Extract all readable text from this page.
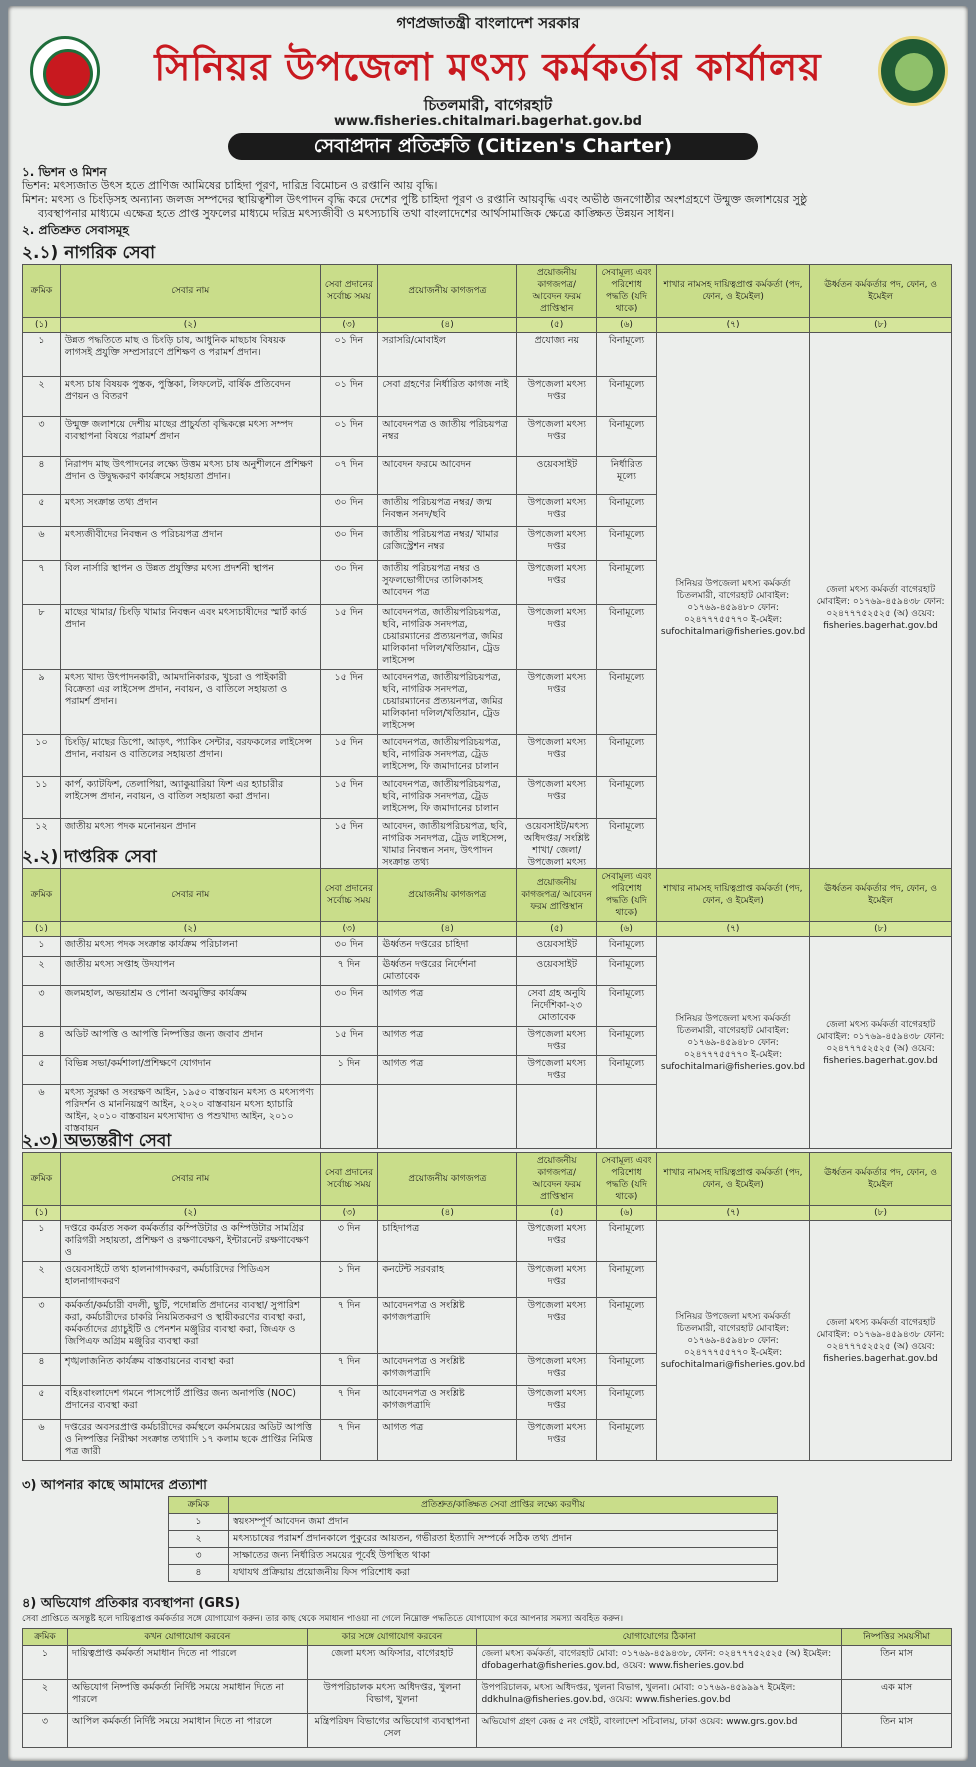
গণপ্রজাতন্ত্রী বাংলাদেশ সরকার
সিনিয়র উপজেলা মৎস্য কর্মকর্তার কার্যালয়
চিতলমারী, বাগেরহাট
www.fisheries.chitalmari.bagerhat.gov.bd
সেবাপ্রদান প্রতিশ্রুতি (Citizen's Charter)
১. ভিশন ও মিশন
ভিশন: মৎস্যজাত উৎস হতে প্রাণিজ আমিষের চাহিদা পূরণ, দারিদ্র বিমোচন ও রপ্তানি আয় বৃদ্ধি।
মিশন: মৎস্য ও চিংড়িসহ অন্যান্য জলজ সম্পদের স্থায়িত্বশীল উৎপাদন বৃদ্ধি করে দেশের পুষ্টি চাহিদা পূরণ ও রপ্তানি আয়বৃদ্ধি এবং অভীষ্ঠ জনগোষ্ঠীর অংশগ্রহণে উন্মুক্ত জলাশয়ের সুষ্ঠু
ব্যবস্থাপনার মাধ্যমে এক্ষেত্র হতে প্রাপ্ত সুফলের মাধ্যমে দরিদ্র মৎস্যজীবী ও মৎস্যচাষি তথা বাংলাদেশের আর্থসামাজিক ক্ষেত্রে কাঙ্ক্ষিত উন্নয়ন সাধন।
২. প্রতিশ্রুত সেবাসমূহ
২.১) নাগরিক সেবা
ক্রমিক	সেবার নাম	সেবা প্রদানের সর্বোচ্চ সময়	প্রয়োজনীয় কাগজপত্র	প্রয়োজনীয় কাগজপত্র/ আবেদন ফরম প্রাপ্তিস্থান	সেবামূল্য এবং পরিশোধ পদ্ধতি (যদি থাকে)	শাখার নামসহ দায়িত্বপ্রাপ্ত কর্মকর্তা (পদ, ফোন, ও ইমেইল)	ঊর্ধ্বতন কর্মকর্তার পদ, ফোন, ও ইমেইল
(১)	(২)	(৩)	(৪)	(৫)	(৬)	(৭)	(৮)
১	উন্নত পদ্ধতিতে মাছ ও চিংড়ি চাষ, আধুনিক মাছচাষ বিষয়ক লাগসই প্রযুক্তি সম্প্রসারণে প্রশিক্ষণ ও পরামর্শ প্রদান।	০১ দিন	সরাসরি/মোবাইল	প্রযোজ্য নয়	বিনামূল্যে	সিনিয়র উপজেলা মৎস্য কর্মকর্তা চিতলমারী, বাগেরহাট মোবাইল: ০১৭৬৯-৪৫৯৪৮০ ফোন: ০২৪৭৭৭৫৫৭৭০ ই-মেইল: sufochitalmari@fisheries.gov.bd	জেলা মৎস্য কর্মকর্তা বাগেরহাট মোবাইল: ০১৭৬৯-৪৫৯৪৩৮ ফোন: ০২৪৭৭৭৫২৫২৫ (অ) ওয়েব: fisheries.bagerhat.gov.bd
২	মৎস্য চাষ বিষয়ক পুস্তক, পুস্তিকা, লিফলেট, বার্ষিক প্রতিবেদন প্রণয়ন ও বিতরণ	০১ দিন	সেবা গ্রহণের নির্ধারিত কাগজ নাই	উপজেলা মৎস্য দপ্তর	বিনামূল্যে		
৩	উন্মুক্ত জলাশয়ে দেশীয় মাছের প্রাচুর্যতা বৃদ্ধিকল্পে মৎস্য সম্পদ ব্যবস্থাপনা বিষয়ে পরামর্শ প্রদান	০১ দিন	আবেদনপত্র ও জাতীয় পরিচয়পত্র নম্বর	উপজেলা মৎস্য দপ্তর	বিনামূল্যে		
৪	নিরাপদ মাছ উৎপাদনের লক্ষ্যে উত্তম মৎস্য চাষ অনুশীলনে প্রশিক্ষণ প্রদান ও উদ্বুদ্ধকরণ কার্যক্রমে সহায়তা প্রদান।	০৭ দিন	আবেদন ফরমে আবেদন	ওয়েবসাইট	নির্ধারিত মূল্যে		
৫	মৎস্য সংক্রান্ত তথ্য প্রদান	৩০ দিন	জাতীয় পরিচয়পত্র নম্বর/ জন্ম নিবন্ধন সনদ/ছবি	উপজেলা মৎস্য দপ্তর	বিনামূল্যে		
৬	মৎস্যজীবীদের নিবন্ধন ও পরিচয়পত্র প্রদান	৩০ দিন	জাতীয় পরিচয়পত্র নম্বর/ খামার রেজিস্ট্রেশন নম্বর	উপজেলা মৎস্য দপ্তর	বিনামূল্যে		
৭	বিল নার্সারি স্থাপন ও উন্নত প্রযুক্তির মৎস্য প্রদর্শনী স্থাপন	৩০ দিন	জাতীয় পরিচয়পত্র নম্বর ও সুফলভোগীদের তালিকাসহ আবেদন পত্র	উপজেলা মৎস্য দপ্তর	বিনামূল্যে		
৮	মাছের খামার/ চিংড়ি খামার নিবন্ধন এবং মৎস্যচাষীদের স্মার্ট কার্ড প্রদান	১৫ দিন	আবেদনপত্র, জাতীয়পরিচয়পত্র, ছবি, নাগরিক সনদপত্র, চেয়ারম্যানের প্রত্যয়নপত্র, জমির মালিকানা দলিল/খতিয়ান, ট্রেড লাইসেন্স	উপজেলা মৎস্য দপ্তর	বিনামূল্যে		
৯	মৎস্য খাদ্য উৎপাদনকারী, আমদানিকারক, খুচরা ও পাইকারী বিক্রেতা এর লাইসেন্স প্রদান, নবায়ন, ও বাতিলে সহায়তা ও পরামর্শ প্রদান।	১৫ দিন	আবেদনপত্র, জাতীয়পরিচয়পত্র, ছবি, নাগরিক সনদপত্র, চেয়ারম্যানের প্রত্যয়নপত্র, জমির মালিকানা দলিল/খতিয়ান, ট্রেড লাইসেন্স	উপজেলা মৎস্য দপ্তর	বিনামূল্যে		
১০	চিংড়ি/ মাছের ডিপো, আড়ৎ, প্যাকিং সেন্টার, বরফকলের লাইসেন্স প্রদান, নবায়ন ও বাতিলের সহায়তা প্রদান।	১৫ দিন	আবেদনপত্র, জাতীয়পরিচয়পত্র, ছবি, নাগরিক সনদপত্র, ট্রেড লাইসেন্স, ফি জমাদানের চালান	উপজেলা মৎস্য দপ্তর	বিনামূল্যে		
১১	কার্প, ক্যাটফিশ, তেলাপিয়া, অ্যাকুয়ারিয়া ফিশ এর হ্যাচারীর লাইসেন্স প্রদান, নবায়ন, ও বাতিল সহায়তা করা প্রদান।	১৫ দিন	আবেদনপত্র, জাতীয়পরিচয়পত্র, ছবি, নাগরিক সনদপত্র, ট্রেড লাইসেন্স, ফি জমাদানের চালান	উপজেলা মৎস্য দপ্তর	বিনামূল্যে		
১২	জাতীয় মৎস্য পদক মনোনয়ন প্রদান	১৫ দিন	আবেদন, জাতীয়পরিচয়পত্র, ছবি, নাগরিক সনদপত্র, ট্রেড লাইসেন্স, খামার নিবন্ধন সনদ, উৎপাদন সংক্রান্ত তথ্য	ওয়েবসাইট/মৎস্য অধিদপ্তর/ সংশ্লিষ্ট শাখা/ জেলা/ উপজেলা মৎস্য	বিনামূল্যে		
২.২) দাপ্তরিক সেবা
ক্রমিক	সেবার নাম	সেবা প্রদানের সর্বোচ্চ সময়	প্রয়োজনীয় কাগজপত্র	প্রয়োজনীয় কাগজপত্র/ আবেদন ফরম প্রাপ্তিস্থান	সেবামূল্য এবং পরিশোধ পদ্ধতি (যদি থাকে)	শাখার নামসহ দায়িত্বপ্রাপ্ত কর্মকর্তা (পদ, ফোন, ও ইমেইল)	ঊর্ধ্বতন কর্মকর্তার পদ, ফোন, ও ইমেইল
(১)	(২)	(৩)	(৪)	(৫)	(৬)	(৭)	(৮)
১	জাতীয় মৎস্য পদক সংক্রান্ত কার্যক্রম পরিচালনা	৩০ দিন	ঊর্ধ্বতন দপ্তরের চাহিদা	ওয়েবসাইট	বিনামূল্যে	সিনিয়র উপজেলা মৎস্য কর্মকর্তা চিতলমারী, বাগেরহাট মোবাইল: ০১৭৬৯-৪৫৯৪৮০ ফোন: ০২৪৭৭৭৫৫৭৭০ ই-মেইল: sufochitalmari@fisheries.gov.bd	জেলা মৎস্য কর্মকর্তা বাগেরহাট মোবাইল: ০১৭৬৯-৪৫৯৪৩৮ ফোন: ০২৪৭৭৭৫২৫২৫ (অ) ওয়েব: fisheries.bagerhat.gov.bd
২	জাতীয় মৎস্য সপ্তাহ উদযাপন	৭ দিন	ঊর্ধ্বতন দপ্তরের নির্দেশনা মোতাবেক	ওয়েবসাইট	বিনামূল্যে		
৩	জলমহাল, অভয়াশ্রম ও পোনা অবমুক্তির কার্যক্রম	৩০ দিন	আগত পত্র	সেবা গ্রহ অনুযি নির্দেশিকা-২৩ মোতাবেক	বিনামূল্যে		
৪	অডিট আপত্তি ও আপত্তি নিষ্পত্তির জন্য জবাব প্রদান	১৫ দিন	আগত পত্র	উপজেলা মৎস্য দপ্তর	বিনামূল্যে		
৫	বিভিন্ন সভা/কর্মশালা/প্রশিক্ষণে যোগদান	১ দিন	আগত পত্র	উপজেলা মৎস্য দপ্তর	বিনামূল্যে		
৬	মৎস্য সুরক্ষা ও সংরক্ষণ আইন, ১৯৫০ বাস্তবায়ন মৎস্য ও মৎস্যপণ্য পরিদর্শন ও মাননিয়ন্ত্রণ আইন, ২০২০ বাস্তবায়ন মৎস্য হ্যাচারি আইন, ২০১০ বাস্তবায়ন মৎস্যখাদ্য ও পশুখাদ্য আইন, ২০১০ বাস্তবায়ন						
২.৩) অভ্যন্তরীণ সেবা
ক্রমিক	সেবার নাম	সেবা প্রদানের সর্বোচ্চ সময়	প্রয়োজনীয় কাগজপত্র	প্রয়োজনীয় কাগজপত্র/ আবেদন ফরম প্রাপ্তিস্থান	সেবামূল্য এবং পরিশোধ পদ্ধতি (যদি থাকে)	শাখার নামসহ দায়িত্বপ্রাপ্ত কর্মকর্তা (পদ, ফোন, ও ইমেইল)	ঊর্ধ্বতন কর্মকর্তার পদ, ফোন, ও ইমেইল
(১)	(২)	(৩)	(৪)	(৫)	(৬)	(৭)	(৮)
১	দপ্তরে কর্মরত সকল কর্মকর্তার কম্পিউটার ও কম্পিউটার সামগ্রির কারিগরী সহায়তা, প্রশিক্ষণ ও রক্ষণাবেক্ষণ, ইন্টারনেট রক্ষণাবেক্ষণ ও	৩ দিন	চাহিদাপত্র	উপজেলা মৎস্য দপ্তর	বিনামূল্যে	সিনিয়র উপজেলা মৎস্য কর্মকর্তা চিতলমারী, বাগেরহাট মোবাইল: ০১৭৬৯-৪৫৯৪৮০ ফোন: ০২৪৭৭৭৫৫৭৭০ ই-মেইল: sufochitalmari@fisheries.gov.bd	জেলা মৎস্য কর্মকর্তা বাগেরহাট মোবাইল: ০১৭৬৯-৪৫৯৪৩৮ ফোন: ০২৪৭৭৭৫২৫২৫ (অ) ওয়েব: fisheries.bagerhat.gov.bd
২	ওয়েবসাইটে তথ্য হালনাগাদকরণ, কর্মচারিদের পিডিএস হালনাগাদকরণ	১ দিন	কনটেন্ট সরবরাহ	উপজেলা মৎস্য দপ্তর	বিনামূল্যে		
৩	কর্মকর্তা/কর্মচারী বদলী, ছুটি, পদোন্নতি প্রদানের ব্যবস্থা/ সুপারিশ করা, কর্মচারীদের চাকরি নিয়মিতকরণ ও স্থায়ীকরণের ব্যবস্থা করা, কর্মকর্তাদের গ্র্যাচুইটি ও পেনশন মঞ্জুরির ব্যবস্থা করা, জিএফ ও জিপিএফ অগ্রিম মঞ্জুরির ব্যবস্থা করা	৭ দিন	আবেদনপত্র ও সংশ্লিষ্ট কাগজপত্রাদি	উপজেলা মৎস্য দপ্তর	বিনামূল্যে		
৪	শৃঙ্খলাজনিত কার্যক্রম বাস্তবায়নের ব্যবস্থা করা	৭ দিন	আবেদনপত্র ও সংশ্লিষ্ট কাগজপত্রাদি	উপজেলা মৎস্য দপ্তর	বিনামূল্যে		
৫	বহিঃবাংলাদেশ গমনে পাসপোর্ট প্রাপ্তির জন্য অনাপত্তি (NOC) প্রদানের ব্যবস্থা করা	৭ দিন	আবেদনপত্র ও সংশ্লিষ্ট কাগজপত্রাদি	উপজেলা মৎস্য দপ্তর	বিনামূল্যে		
৬	দপ্তরের অবসরপ্রাপ্ত কর্মচারীদের কর্মস্থলে কর্মসময়ের অডিট আপত্তি ও নিষ্পত্তির নিরীক্ষা সংক্রান্ত তথ্যাদি ১৭ কলাম ছকে প্রাপ্তির নিমিত্ত পত্র জারী	৭ দিন	আগত পত্র	উপজেলা মৎস্য দপ্তর	বিনামূল্যে		
৩) আপনার কাছে আমাদের প্রত্যাশা
ক্রমিক	প্রতিশ্রুত/কাঙ্ক্ষিত সেবা প্রাপ্তির লক্ষ্যে করণীয়
১	স্বয়ংসম্পূর্ণ আবেদন জমা প্রদান
২	মৎস্যচাষের পরামর্শ প্রদানকালে পুকুরের আয়তন, গভীরতা ইত্যাদি সম্পর্কে সঠিক তথ্য প্রদান
৩	সাক্ষাতের জন্য নির্ধারিত সময়ের পূর্বেই উপস্থিত থাকা
৪	যথাযথ প্রক্রিয়ায় প্রয়োজনীয় ফিস পরিশোধ করা
৪) অভিযোগ প্রতিকার ব্যবস্থাপনা (GRS)
সেবা প্রাপ্তিতে অসন্তুষ্ট হলে দায়িত্বপ্রাপ্ত কর্মকর্তার সঙ্গে যোগাযোগ করুন। তার কাছ থেকে সমাধান পাওয়া না গেলে নিম্নোক্ত পদ্ধতিতে যোগাযোগ করে আপনার সমস্যা অবহিত করুন।
ক্রমিক	কখন যোগাযোগ করবেন	কার সঙ্গে যোগাযোগ করবেন	যোগাযোগের ঠিকানা	নিষ্পত্তির সময়সীমা
১	দায়িত্বপ্রাপ্ত কর্মকর্তা সমাধান দিতে না পারলে	জেলা মৎস্য অফিসার, বাগেরহাট	জেলা মৎস্য কর্মকর্তা, বাগেরহাট মোবা: ০১৭৬৯-৪৫৯৪৩৮, ফোন: ০২৪৭৭৭৫২৫২৫ (অ) ইমেইল: dfobagerhat@fisheries.gov.bd, ওয়েব: www.fisheries.gov.bd	তিন মাস
২	অভিযোগ নিষ্পত্তি কর্মকর্তা নির্দিষ্ট সময়ে সমাধান দিতে না পারলে	উপপরিচালক মৎস্য অধিদপ্তর, খুলনা বিভাগ, খুলনা	উপপরিচালক, মৎস্য অধিদপ্তর, খুলনা বিভাগ, খুলনা। মোবা: ০১৭৬৯-৪৫৯৯৯৭ ইমেইল: ddkhulna@fisheries.gov.bd, ওয়েব: www.fisheries.gov.bd	এক মাস
৩	আপিল কর্মকর্তা নির্দিষ্ট সময়ে সমাধান দিতে না পারলে	মন্ত্রিপরিষদ বিভাগের অভিযোগ ব্যবস্থাপনা সেল	অভিযোগ গ্রহণ কেন্দ্র ৫ নং গেইট, বাংলাদেশ সচিবালয়, ঢাকা ওয়েব: www.grs.gov.bd	তিন মাস
